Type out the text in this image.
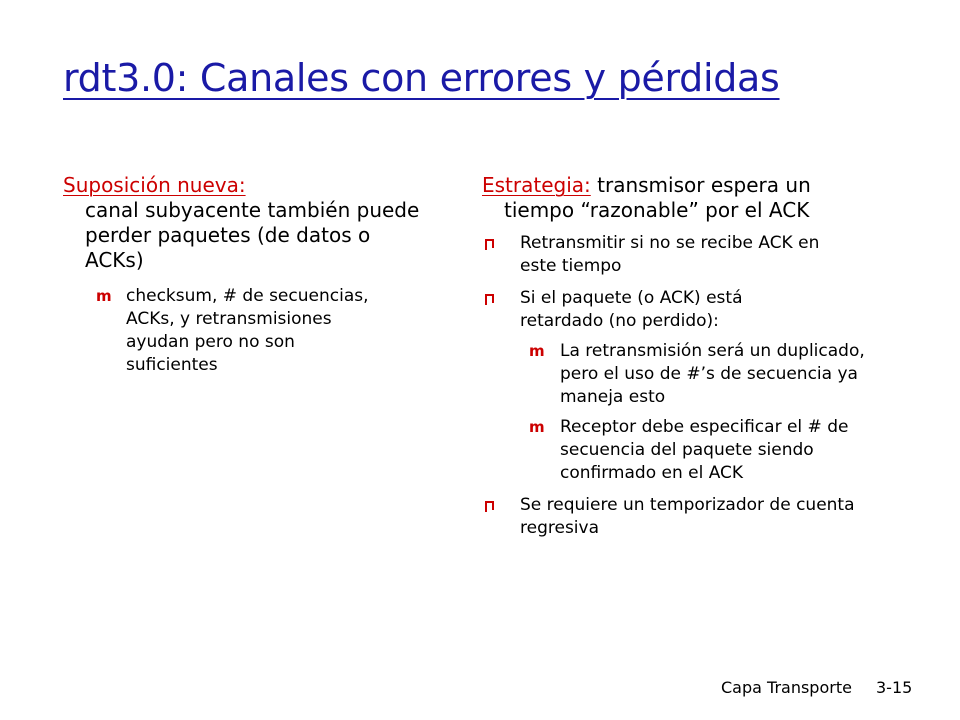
rdt3.0: Canales con errores y pérdidas
Suposición nueva:
canal subyacente también puede perder paquetes (de datos o ACKs)
m checksum, # de secuencias, ACKs, y retransmisiones ayudan pero no son suficientes
Estrategia: transmisor espera un
tiempo “razonable” por el ACK
Retransmitir si no se recibe ACK en este tiempo
Si el paquete (o ACK) está retardado (no perdido):
m La retransmisión será un duplicado, pero el uso de #’s de secuencia ya maneja esto
m Receptor debe especificar el # de secuencia del paquete siendo confirmado en el ACK
Se requiere un temporizador de cuenta regresiva
Capa Transporte 3-15
